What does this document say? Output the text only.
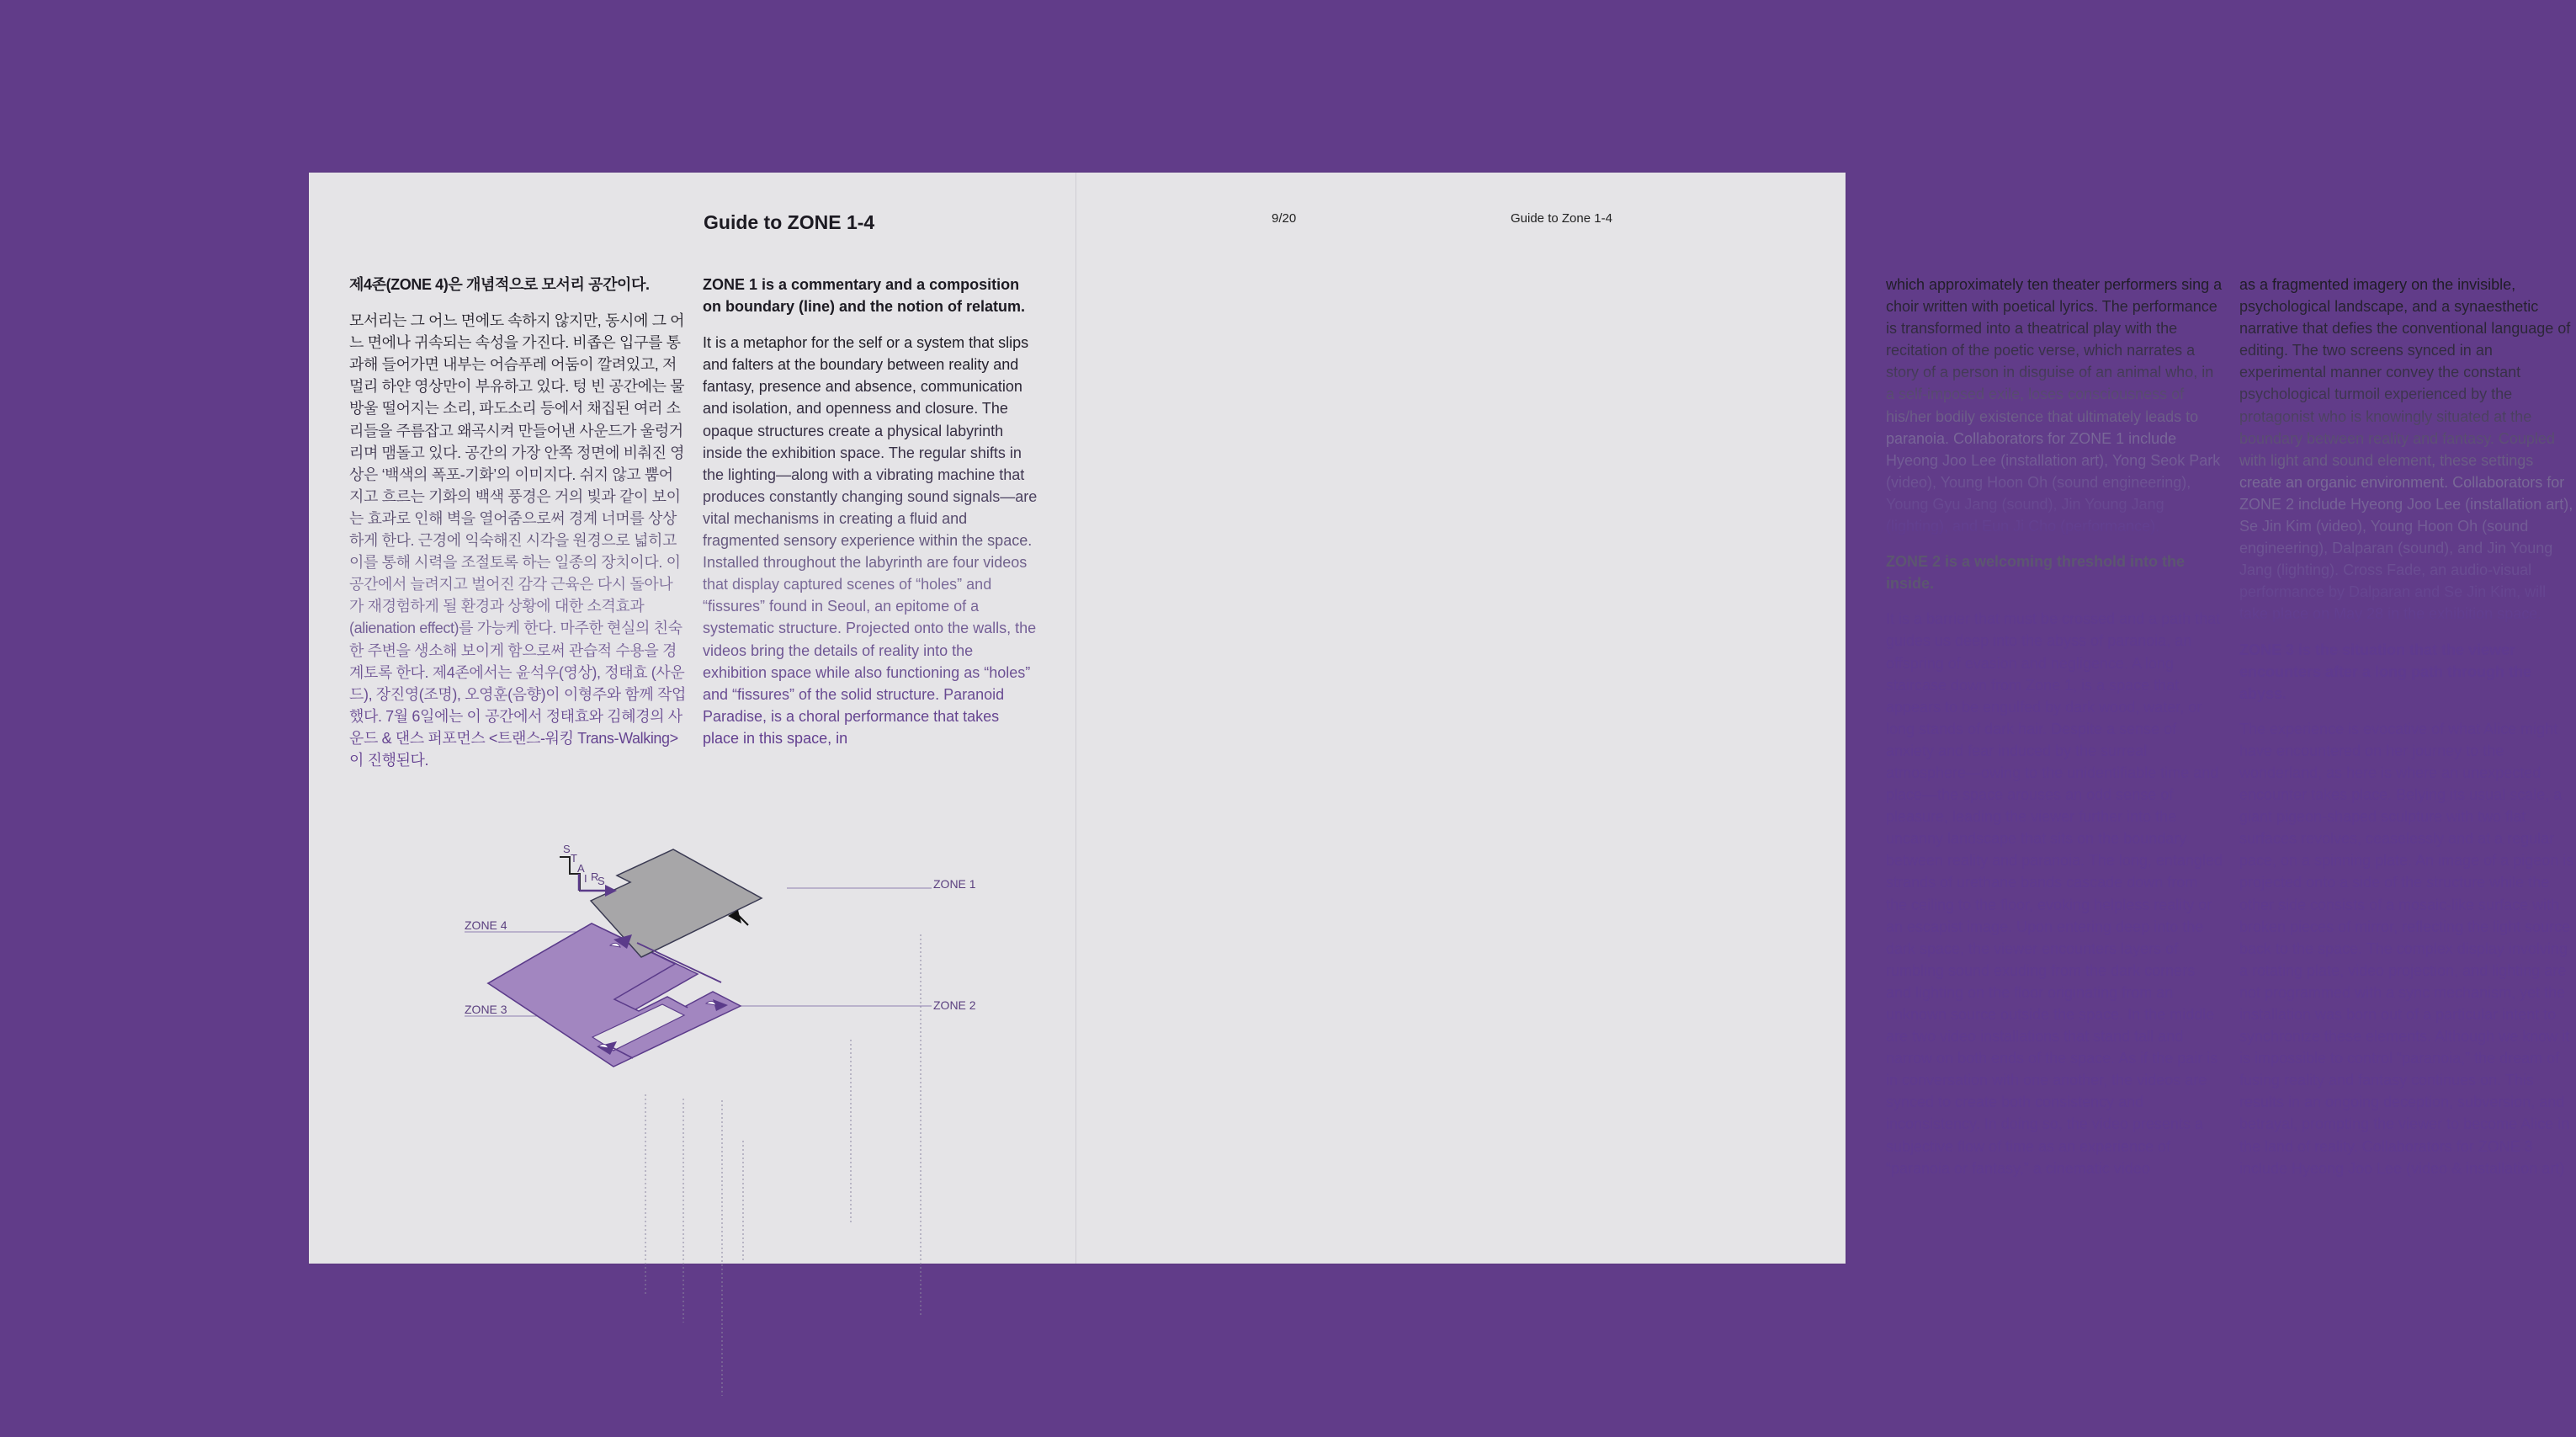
Guide to ZONE 1-4

제4존(ZONE 4)은 개념적으로 모서리 공간이다.

모서리는 그 어느 면에도 속하지 않지만, 동시에 그 어느 면에나 귀속되는 속성을 가진다. 비좁은 입구를 통과해 들어가면 내부는 어슴푸레 어둠이 깔려있고, 저 멀리 하얀 영상만이 부유하고 있다. 텅 빈 공간에는 물방울 떨어지는 소리, 파도소리 등에서 채집된 여러 소리들을 주름잡고 왜곡시켜 만들어낸 사운드가 울렁거리며 맴돌고 있다. 공간의 가장 안쪽 정면에 비춰진 영상은 ‘백색의 폭포-기화’의 이미지다. 쉬지 않고 뿜어지고 흐르는 기화의 백색 풍경은 거의 빛과 같이 보이는 효과로 인해 벽을 열어줌으로써 경계 너머를 상상하게 한다. 근경에 익숙해진 시각을 원경으로 넓히고 이를 통해 시력을 조절토록 하는 일종의 장치이다. 이 공간에서 늘려지고 벌어진 감각 근육은 다시 돌아나가 재경험하게 될 환경과 상황에 대한 소격효과 (alienation effect)를 가능케 한다. 마주한 현실의 친숙한 주변을 생소해 보이게 함으로써 관습적 수용을 경계토록 한다. 제4존에서는 윤석우(영상), 정태효 (사운드), 장진영(조명), 오영훈(음향)이 이형주와 함께 작업했다. 7월 6일에는 이 공간에서 정태효와 김혜경의 사운드 & 댄스 퍼포먼스 <트랜스-워킹 Trans-Walking>이 진행된다.

ZONE 1 is a commentary and a composition on boundary (line) and the notion of relatum.

It is a metaphor for the self or a system that slips and falters at the boundary between reality and fantasy, presence and absence, communication and isolation, and openness and closure. The opaque structures create a physical labyrinth inside the exhibition space. The regular shifts in the lighting—along with a vibrating machine that produces constantly changing sound signals—are vital mechanisms in creating a fluid and fragmented sensory experience within the space. Installed throughout the labyrinth are four videos that display captured scenes of “holes” and “fissures” found in Seoul, an epitome of a systematic structure. Projected onto the walls, the videos bring the details of reality into the exhibition space while also functioning as “holes” and “fissures” of the solid structure. Paranoid Paradise, is a choral performance that takes place in this space, in

S
T
A
I R
S	ZONE 1
ZONE 2
ZONE 3
ZONE 4
9/20	Guide to Zone 1-4

which approximately ten theater performers sing a choir written with poetical lyrics. The performance is transformed into a theatrical play with the recitation of the poetic verse, which narrates a story of a person in disguise of an animal who, in a self-imposed exile, loses consciousness of his/her bodily existence that ultimately leads to paranoia. Collaborators for ZONE 1 include Hyeong Joo Lee (installation art), Yong Seok Park (video), Young Hoon Oh (sound engineering), Young Gyu Jang (sound), Jin Young Jang (lighting), and Eun Ji Cho (performance).

ZONE 2 is a welcoming threshold into the inside.

It is a barrier that must be crossed and a path that guides us deep into the abyss of paranoia, an offspring of evasion and negligence. A long staircase down from Zone 1, is a space that appears to be engulfed by dark wood, water, or long stands of dark hair. Despite a sense of anxiety and fear induced by the surreal atmosphere—owing to the unidentifiable time and place—the space arouses an odd sense of pleasure, leading the viewer further into the uncanny landscape that sits on the boundary between reality and paranoia. The long, entangled strands of urethane bands cascade down from the ceiling to the floor, evoking helpless reality or an escapist image. Upon entering deep into the dark space, the viewer encounters layers of rumbling sound exuding from the dark corners and lighting on the floor originating from an unknown source outside the space. In the middle are two video installations that stand tall and narrow on both ends of the space. As if the pair is in conversation with one another, the videos are synced to create both consistency and inconsistency. In doing so, the video presents a subjective flow of time as an experience of “paranoia or fantasy,” a cinematic video

as a fragmented imagery on the invisible, psychological landscape, and a synaesthetic narrative that defies the conventional language of editing. The two screens synced in an experimental manner convey the constant psychological turmoil experienced by the protagonist who is knowingly situated at the boundary between reality and fantasy. Coupled with light and sound element, these settings create an organic environment. Collaborators for ZONE 2 include Hyeong Joo Lee (installation art), Se Jin Kim (video), Young Hoon Oh (sound engineering), Dalparan (sound), and Jin Young Jang (lighting). Cross Fade, an audio-visual performance by Dalparan and Se Jin Kim, will take place on May 28 in the exhibition space.

ZONE 3 is the situation that the viewer encounters after a long path through the abyss.

The experience is evocative of what Alice might have encountered on her journey to the wonderland, as here is where an unexpected encounter takes place. Belying its usual scale, a giant pigeon-shaped sculpture with two flat surfaces revolves, ceaselessly and at a regular pace, on a spinning plate. An image of a pigeon is projected onto a side of the structure while the other side consists of a mosaic-like surface with broken pieces of mirror, reflecting the light source back to the space. The complex display involving a rotating plate, video projection, and lighting are not programmed with a sync mechanism, yet the installation was born out of a particular intent to synchronize these elements. Although we know it is impossible to control “paranoia,” the dream of fusing reality and fantasy continues on. This results in an ongoing deception, subversion, and betrayal, prompting the viewer to become Alice in the land of reality. Collaborators for ZONE 3 include Hyeong Joo Lee (video & installation art)
